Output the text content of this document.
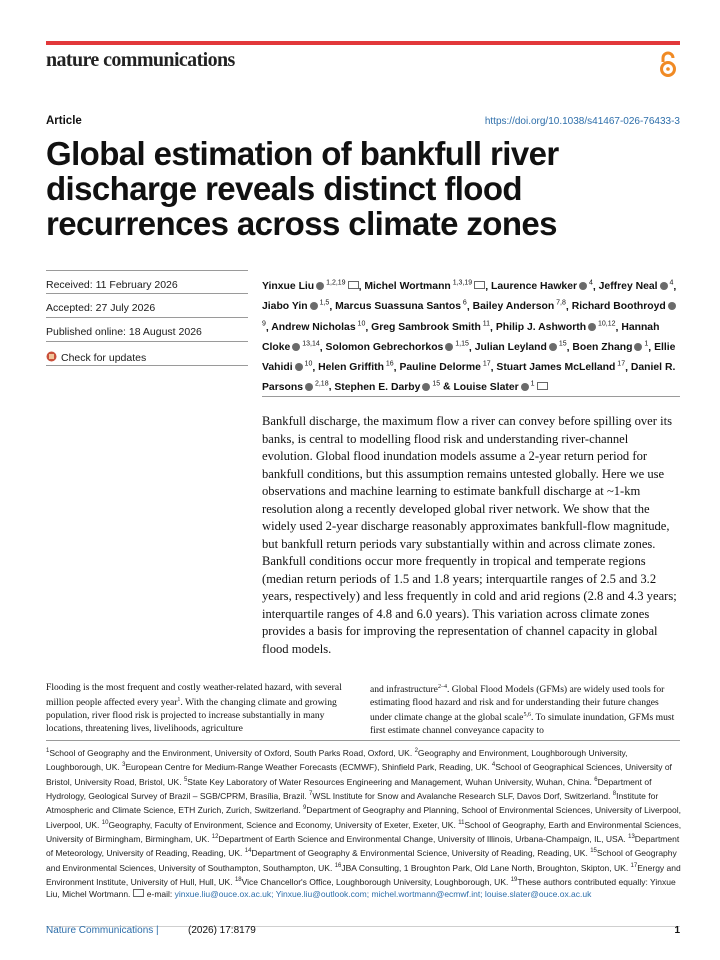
nature communications
Article	https://doi.org/10.1038/s41467-026-76433-3
Global estimation of bankfull river discharge reveals distinct flood recurrences across climate zones
Received: 11 February 2026
Accepted: 27 July 2026
Published online: 18 August 2026
Check for updates
Yinxue Liu $^{1,2,19}$ , Michel Wortmann $^{1,3,19}$ , Laurence Hawker $^4$, Jeffrey Neal $^4$, Jiabo Yin $^{1,5}$, Marcus Suassuna Santos $^6$, Bailey Anderson $^{7,8}$, Richard Boothroyd $^9$, Andrew Nicholas $^{10}$, Greg Sambrook Smith $^{11}$, Philip J. Ashworth $^{10,12}$, Hannah Cloke $^{13,14}$, Solomon Gebrechorkos $^{1,15}$, Julian Leyland $^{15}$, Boen Zhang $^1$, Ellie Vahidi $^{10}$, Helen Griffith $^{16}$, Pauline Delorme $^{17}$, Stuart James McLelland $^{17}$, Daniel R. Parsons $^{2,18}$, Stephen E. Darby $^{15}$ & Louise Slater $^1$

Bankfull discharge, the maximum flow a river can convey before spilling over its banks, is central to modelling flood risk and understanding river-channel evolution. Global flood inundation models assume a 2-year return period for bankfull conditions, but this assumption remains untested globally. Here we use observations and machine learning to estimate bankfull discharge at ~1-km resolution along a recently developed global river network. We show that the widely used 2-year discharge reasonably approximates bankfull-flow magnitude, but bankfull return periods vary substantially within and across climate zones. Bankfull conditions occur more frequently in tropical and temperate regions (median return periods of 1.5 and 1.8 years; interquartile ranges of 2.5 and 3.2 years, respectively) and less frequently in cold and arid regions (2.8 and 4.3 years; interquartile ranges of 4.8 and 6.0 years). This variation across climate zones provides a basis for improving the representation of channel capacity in global flood models.

Flooding is the most frequent and costly weather-related hazard, with several million people affected every year$^1$. With the changing climate and growing population, river flood risk is projected to increase substantially in many locations, threatening lives, livelihoods, agriculture

and infrastructure$^{2-4}$. Global Flood Models (GFMs) are widely used tools for estimating flood hazard and risk and for understanding their future changes under climate change at the global scale$^{5,6}$. To simulate inundation, GFMs must first estimate channel conveyance capacity to

$^1$School of Geography and the Environment, University of Oxford, South Parks Road, Oxford, UK. $^2$Geography and Environment, Loughborough University, Loughborough, UK. $^3$European Centre for Medium-Range Weather Forecasts (ECMWF), Shinfield Park, Reading, UK. $^4$School of Geographical Sciences, University of Bristol, University Road, Bristol, UK. $^5$State Key Laboratory of Water Resources Engineering and Management, Wuhan University, Wuhan, China. $^6$Department of Hydrology, Geological Survey of Brazil – SGB/CPRM, Brasília, Brazil. $^7$WSL Institute for Snow and Avalanche Research SLF, Davos Dorf, Switzerland. $^8$Institute for Atmospheric and Climate Science, ETH Zurich, Zurich, Switzerland. $^9$Department of Geography and Planning, School of Environmental Sciences, University of Liverpool, Liverpool, UK. $^{10}$Geography, Faculty of Environment, Science and Economy, University of Exeter, Exeter, UK. $^{11}$School of Geography, Earth and Environmental Sciences, University of Birmingham, Birmingham, UK. $^{12}$Department of Earth Science and Environmental Change, University of Illinois, Urbana-Champaign, IL, USA. $^{13}$Department of Meteorology, University of Reading, Reading, UK. $^{14}$Department of Geography & Environmental Science, University of Reading, Reading, UK. $^{15}$School of Geography and Environmental Sciences, University of Southampton, Southampton, UK. $^{16}$JBA Consulting, 1 Broughton Park, Old Lane North, Broughton, Skipton, UK. $^{17}$Energy and Environment Institute, University of Hull, Hull, UK. $^{18}$Vice Chancellor's Office, Loughborough University, Loughborough, UK. $^{19}$These authors contributed equally: Yinxue Liu, Michel Wortmann. e-mail: yinxue.liu@ouce.ox.ac.uk; Yinxue.liu@outlook.com; michel.wortmann@ecmwf.int; louise.slater@ouce.ox.ac.uk

Nature Communications |	(2026) 17:8179	1
